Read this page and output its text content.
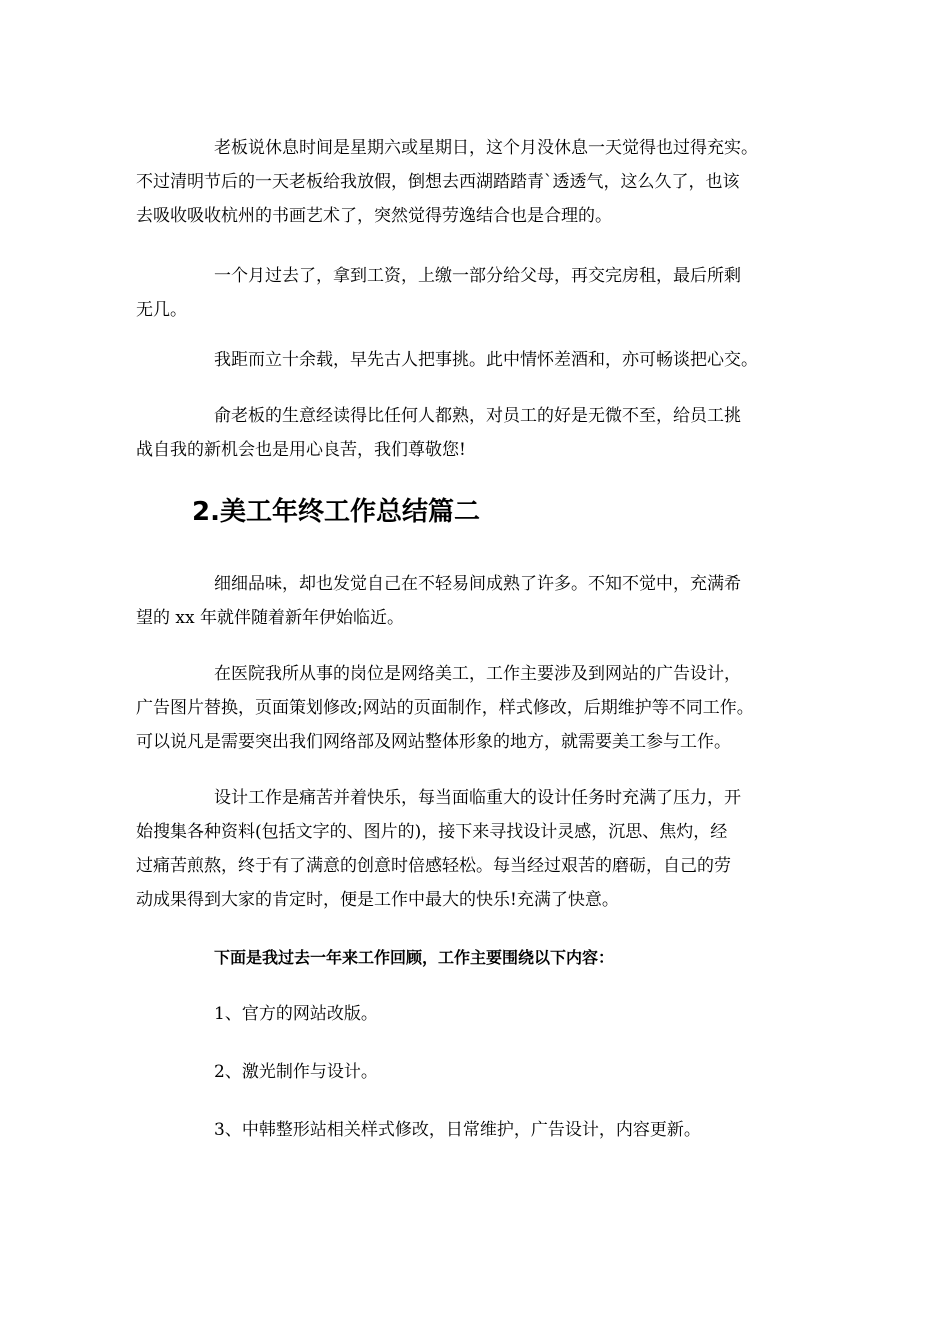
老板说休息时间是星期六或星期日，这个月没休息一天觉得也过得充实。
不过清明节后的一天老板给我放假，倒想去西湖踏踏青`透透气，这么久了，也该
去吸收吸收杭州的书画艺术了，突然觉得劳逸结合也是合理的。

一个月过去了，拿到工资，上缴一部分给父母，再交完房租，最后所剩
无几。

我距而立十余载，早先古人把事挑。此中情怀差酒和，亦可畅谈把心交。

俞老板的生意经读得比任何人都熟，对员工的好是无微不至，给员工挑
战自我的新机会也是用心良苦，我们尊敬您!

2.美工年终工作总结篇二

细细品味，却也发觉自己在不轻易间成熟了许多。不知不觉中，充满希
望的 xx 年就伴随着新年伊始临近。

在医院我所从事的岗位是网络美工，工作主要涉及到网站的广告设计，
广告图片替换，页面策划修改;网站的页面制作，样式修改，后期维护等不同工作。
可以说凡是需要突出我们网络部及网站整体形象的地方，就需要美工参与工作。

设计工作是痛苦并着快乐，每当面临重大的设计任务时充满了压力，开
始搜集各种资料(包括文字的、图片的)，接下来寻找设计灵感，沉思、焦灼，经
过痛苦煎熬，终于有了满意的创意时倍感轻松。每当经过艰苦的磨砺，自己的劳
动成果得到大家的肯定时，便是工作中最大的快乐!充满了快意。

下面是我过去一年来工作回顾，工作主要围绕以下内容：

1、官方的网站改版。

2、激光制作与设计。

3、中韩整形站相关样式修改，日常维护，广告设计，内容更新。
